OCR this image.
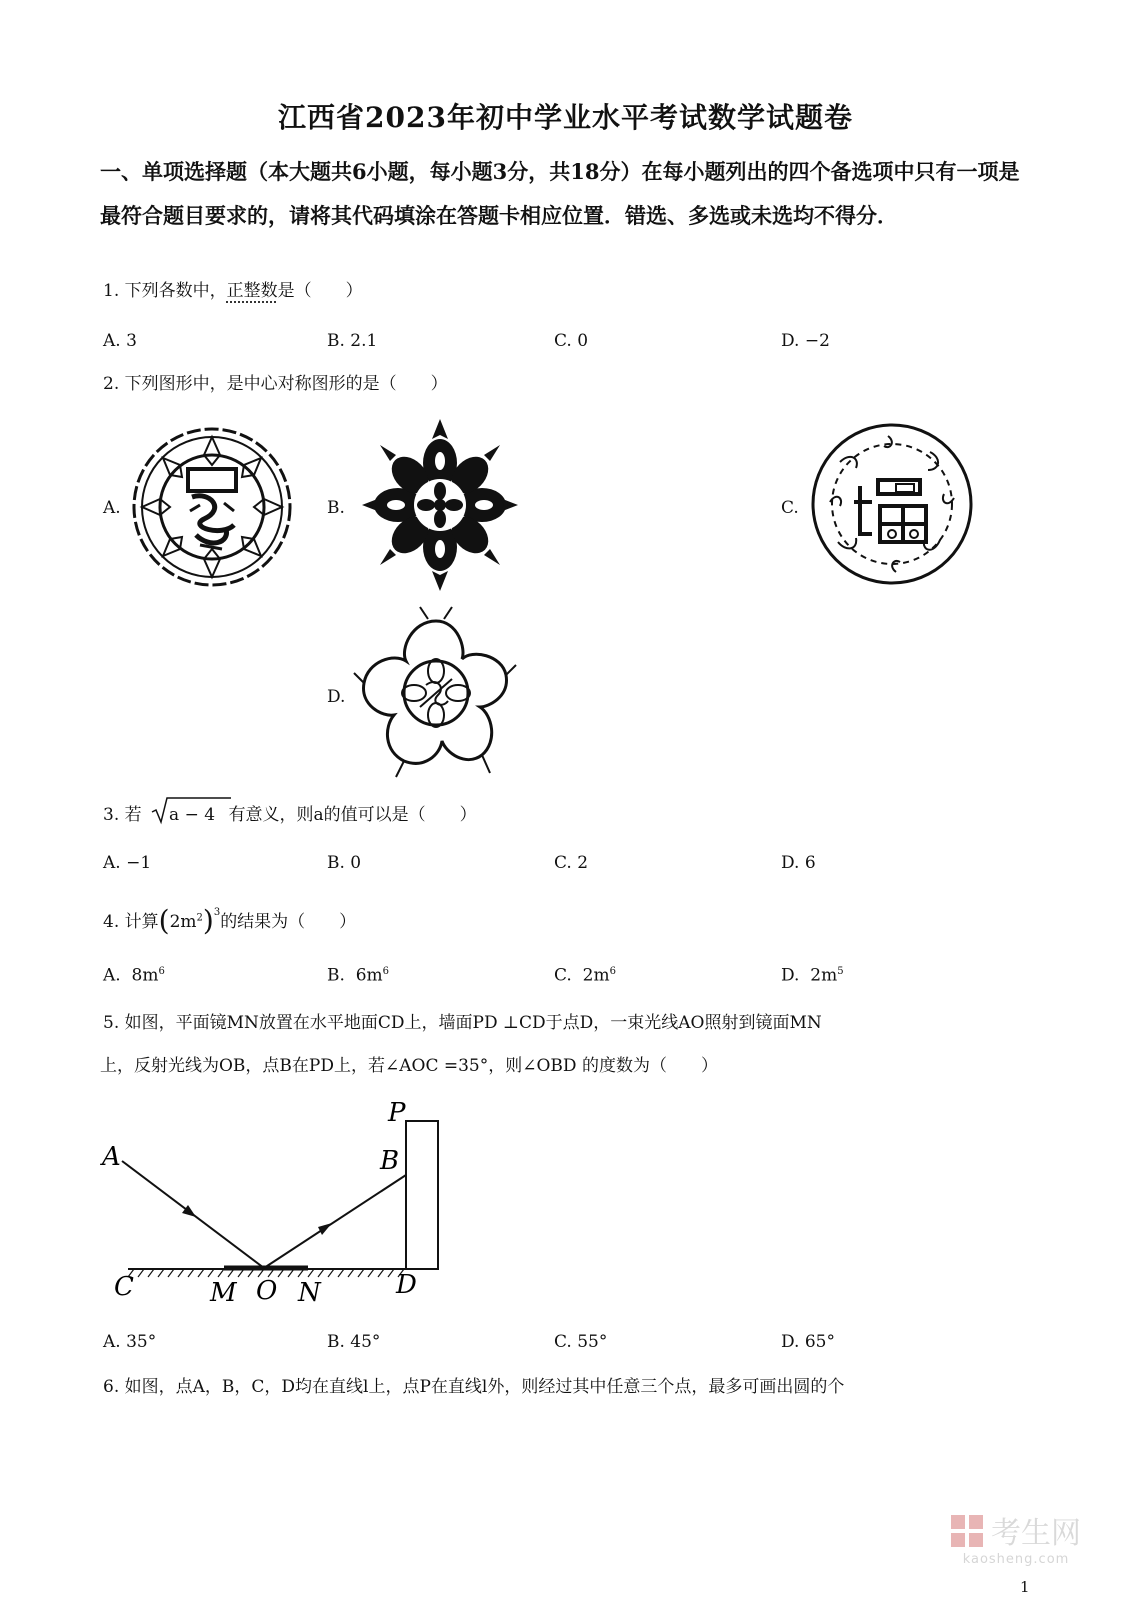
江西省2023年初中学业水平考试数学试题卷
一、单项选择题（本大题共6小题，每小题3分，共18分）在每小题列出的四个备选项中只有一项是最符合题目要求的，请将其代码填涂在答题卡相应位置．错选、多选或未选均不得分．
1. 下列各数中，正整数是（　　）
A. 3	B. 2.1	C. 0	D. −2
2. 下列图形中，是中心对称图形的是（　　）
A.	B.	C.
D.
3. 若 a − 4 有意义，则a的值可以是（　　）
A. −1	B. 0	C. 2	D. 6
4. 计算$(2m^2)^3$的结果为（　　）
A. $8m^6$	B. $6m^6$	C. $2m^6$	D. $2m^5$
5. 如图，平面镜MN放置在水平地面CD上，墙面PD ⊥CD于点D，一束光线AO照射到镜面MN
上，反射光线为OB，点B在PD上，若∠AOC =35°，则∠OBD 的度数为（　　）
A	B
C	D
M O N
P
A. 35°	B. 45°	C. 55°	D. 65°
6. 如图，点A，B，C，D均在直线l上，点P在直线l外，则经过其中任意三个点，最多可画出圆的个
考生网
kaosheng.com
1
